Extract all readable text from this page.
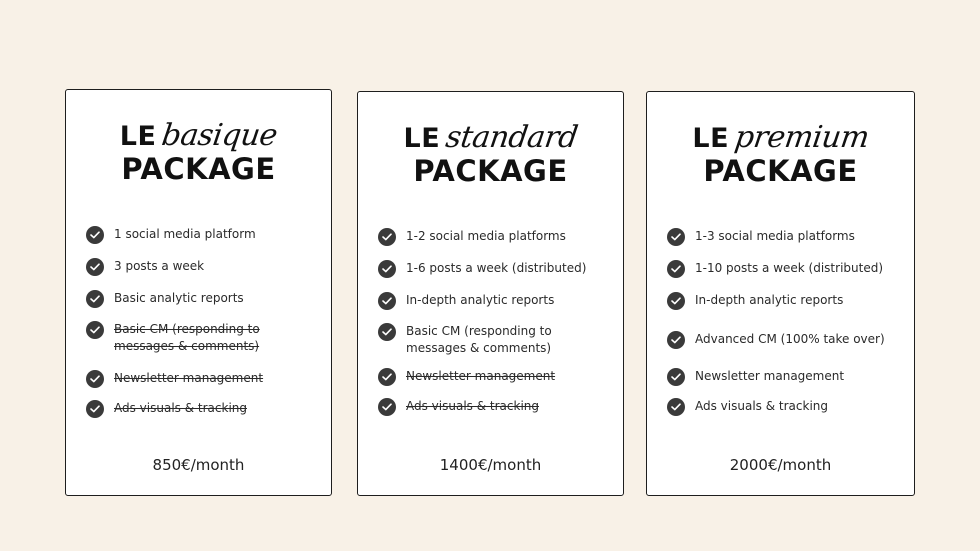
LE basique
PACKAGE
1 social media platform
3 posts a week
Basic analytic reports
Basic CM (responding to
messages & comments)
Newsletter management
Ads visuals & tracking
850€/month
LE standard
PACKAGE
1-2 social media platforms
1-6 posts a week (distributed)
In-depth analytic reports
Basic CM (responding to
messages & comments)
Newsletter management
Ads visuals & tracking
1400€/month
LE premium
PACKAGE
1-3 social media platforms
1-10 posts a week (distributed)
In-depth analytic reports
Advanced CM (100% take over)
Newsletter management
Ads visuals & tracking
2000€/month
